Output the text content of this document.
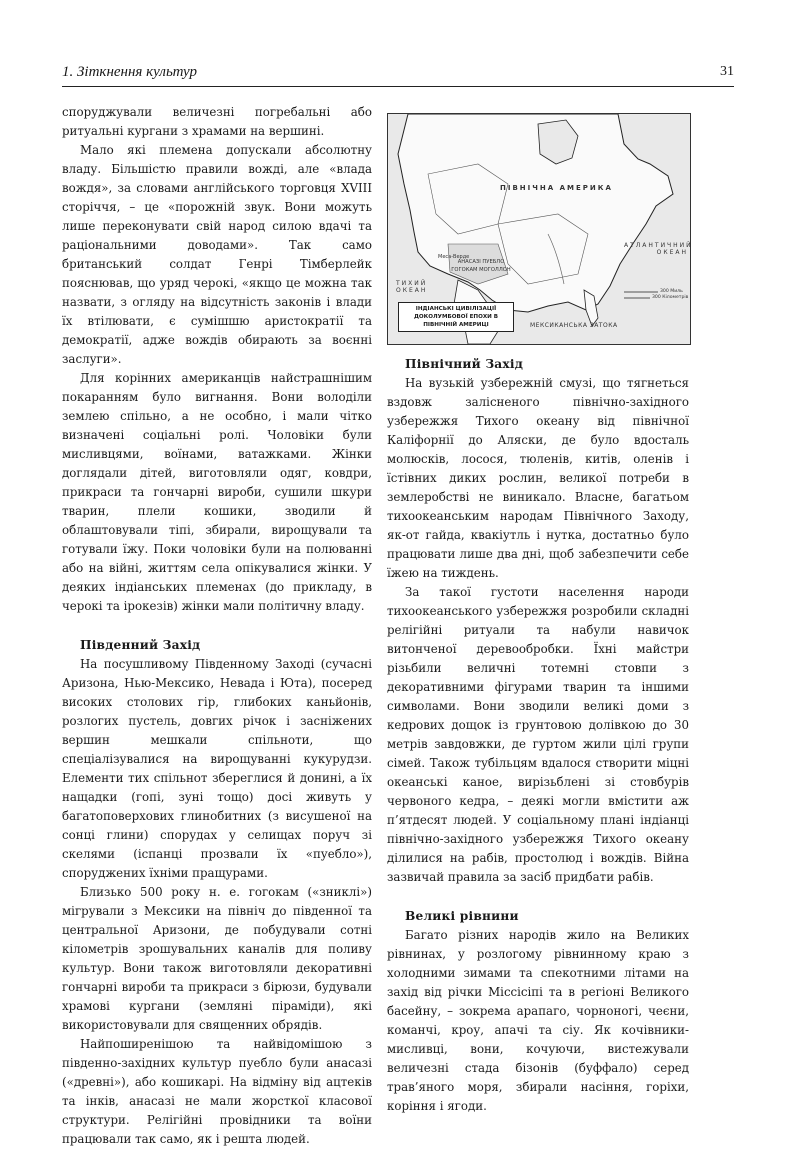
1. Зіткнення культур	31

споруджували величезні погребальні або ритуальні кургани з храмами на вершині.

Мало які племена допускали абсолютну владу. Більшістю правили вожді, але «влада вождя», за словами англійського торговця XVIII сторіччя, – це «порожній звук. Вони можуть лише переконувати свій народ силою вдачі та раціональними доводами». Так само британський солдат Генрі Тімберлейк пояснював, що уряд черокі, «якщо це можна так назвати, з огляду на відсутність законів і влади їх втілювати, є сумішшю аристократії та демократії, адже вождів обирають за воєнні заслуги».

Для корінних американців найстрашнішим покаранням було вигнання. Вони володіли землею спільно, а не особно, і мали чітко визначені соціальні ролі. Чоловіки були мисливцями, воїнами, ватажками. Жінки доглядали дітей, виготовляли одяг, ковдри, прикраси та гончарні вироби, сушили шкури тварин, плели кошики, зводили й облаштовували тіпі, збирали, вирощували та готували їжу. Поки чоловіки були на полюванні або на війні, життям села опікувалися жінки. У деяких індіанських племенах (до прикладу, в черокі та ірокезів) жінки мали політичну владу.

Південний Захід

На посушливому Південному Заході (сучасні Аризона, Нью-Мексико, Невада і Юта), посеред високих столових гір, глибоких каньйонів, розлогих пустель, довгих річок і засніжених вершин мешкали спільноти, що спеціалізувалися на вирощуванні кукурудзи. Елементи тих спільнот збереглися й донині, а їх нащадки (гопі, зуні тощо) досі живуть у багатоповерхових глинобитних (з висушеної на сонці глини) спорудах у селищах поруч зі скелями (іспанці прозвали їх «пуебло»), споруджених їхніми пращурами.

Близько 500 року н. е. гогокам («зниклі») мігрували з Мексики на північ до південної та центральної Аризони, де побудували сотні кілометрів зрошувальних каналів для поливу культур. Вони також виготовляли декоративні гончарні вироби та прикраси з бірюзи, будували храмові кургани (земляні піраміди), які використовували для священних обрядів.

Найпоширенішою та найвідомішою з південно-західних культур пуебло були анасазі («древні»), або кошикарі. На відміну від ацтеків та інків, анасазі не мали жорсткої класової структури. Релігійні провідники та воїни працювали так само, як і решта людей.

ПІВНІЧНА АМЕРИКА
ТИХИЙ ОКЕАН
АТЛАНТИЧНИЙ ОКЕАН
МЕКСИКАНСЬКА ЗАТОКА
АНАСАЗІ ПУЕБЛО ГОГОКАМ МОГОЛЛОН
Меса-Верде
300 Миль
300 Кілометрів
ІНДІАНСЬКІ ЦИВІЛІЗАЦІЇ ДОКОЛУМБОВОЇ ЕПОХИ В ПІВНІЧНІЙ АМЕРИЦІ
Північний Захід

На вузькій узбережній смузі, що тягнеться вздовж залісненого північно-західного узбережжя Тихого океану від північної Каліфорнії до Аляски, де було вдосталь молюсків, лосося, тюленів, китів, оленів і їстівних диких рослин, великої потреби в землеробстві не виникало. Власне, багатьом тихоокеанським народам Північного Заходу, як-от гайда, квакіутль і нутка, достатньо було працювати лише два дні, щоб забезпечити себе їжею на тиждень.

За такої густоти населення народи тихоокеанського узбережжя розробили складні релігійні ритуали та набули навичок витонченої деревообробки. Їхні майстри різьбили величні тотемні стовпи з декоративними фігурами тварин та іншими символами. Вони зводили великі доми з кедрових дощок із грунтовою долівкою до 30 метрів завдовжки, де гуртом жили цілі групи сімей. Також тубільцям вдалося створити міцні океанські каное, вирізьблені зі стовбурів червоного кедра, – деякі могли вмістити аж п’ятдесят людей. У соціальному плані індіанці північно-західного узбережжя Тихого океану ділилися на рабів, простолюд і вождів. Війна зазвичай правила за засіб придбати рабів.

Великі рівнини

Багато різних народів жило на Великих рівнинах, у розлогому рівнинному краю з холодними зимами та спекотними літами на захід від річки Міссісіпі та в регіоні Великого басейну, – зокрема арапаго, чорноногі, чеєни, команчі, кроу, апачі та сіу. Як кочівники-мисливці, вони, кочуючи, вистежували величезні стада бізонів (буффало) серед трав’яного моря, збирали насіння, горіхи, коріння і ягоди.
